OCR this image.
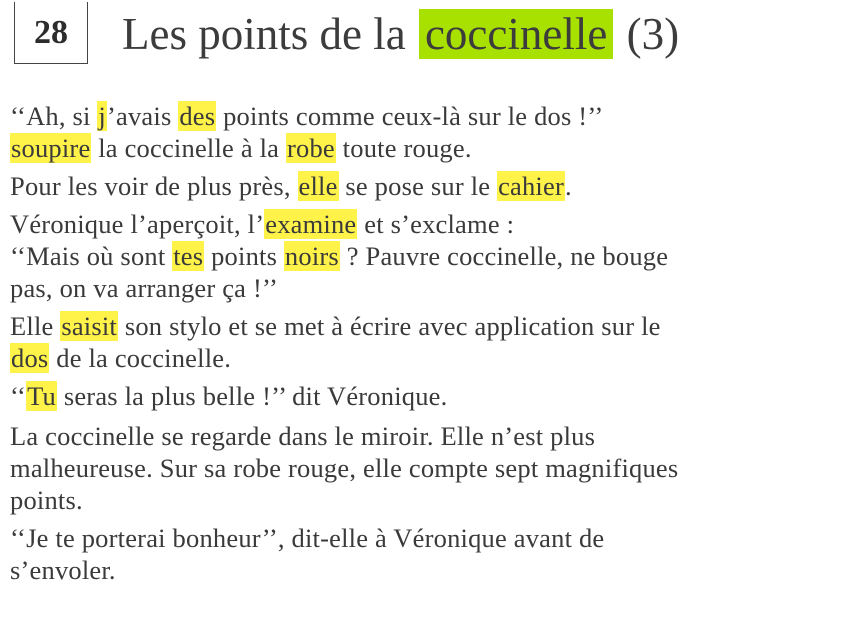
28 Les points de la coccinelle (3)
‘‘Ah, si j’avais des points comme ceux-là sur le dos !’’
soupire la coccinelle à la robe toute rouge.
Pour les voir de plus près, elle se pose sur le cahier.
Véronique l’aperçoit, l’examine et s’exclame :
‘‘Mais où sont tes points noirs ? Pauvre coccinelle, ne bouge
pas, on va arranger ça !’’
Elle saisit son stylo et se met à écrire avec application sur le
dos de la coccinelle.
‘‘Tu seras la plus belle !’’ dit Véronique.
La coccinelle se regarde dans le miroir. Elle n’est plus
malheureuse. Sur sa robe rouge, elle compte sept magnifiques
points.
‘‘Je te porterai bonheur’’, dit-elle à Véronique avant de
s’envoler.
